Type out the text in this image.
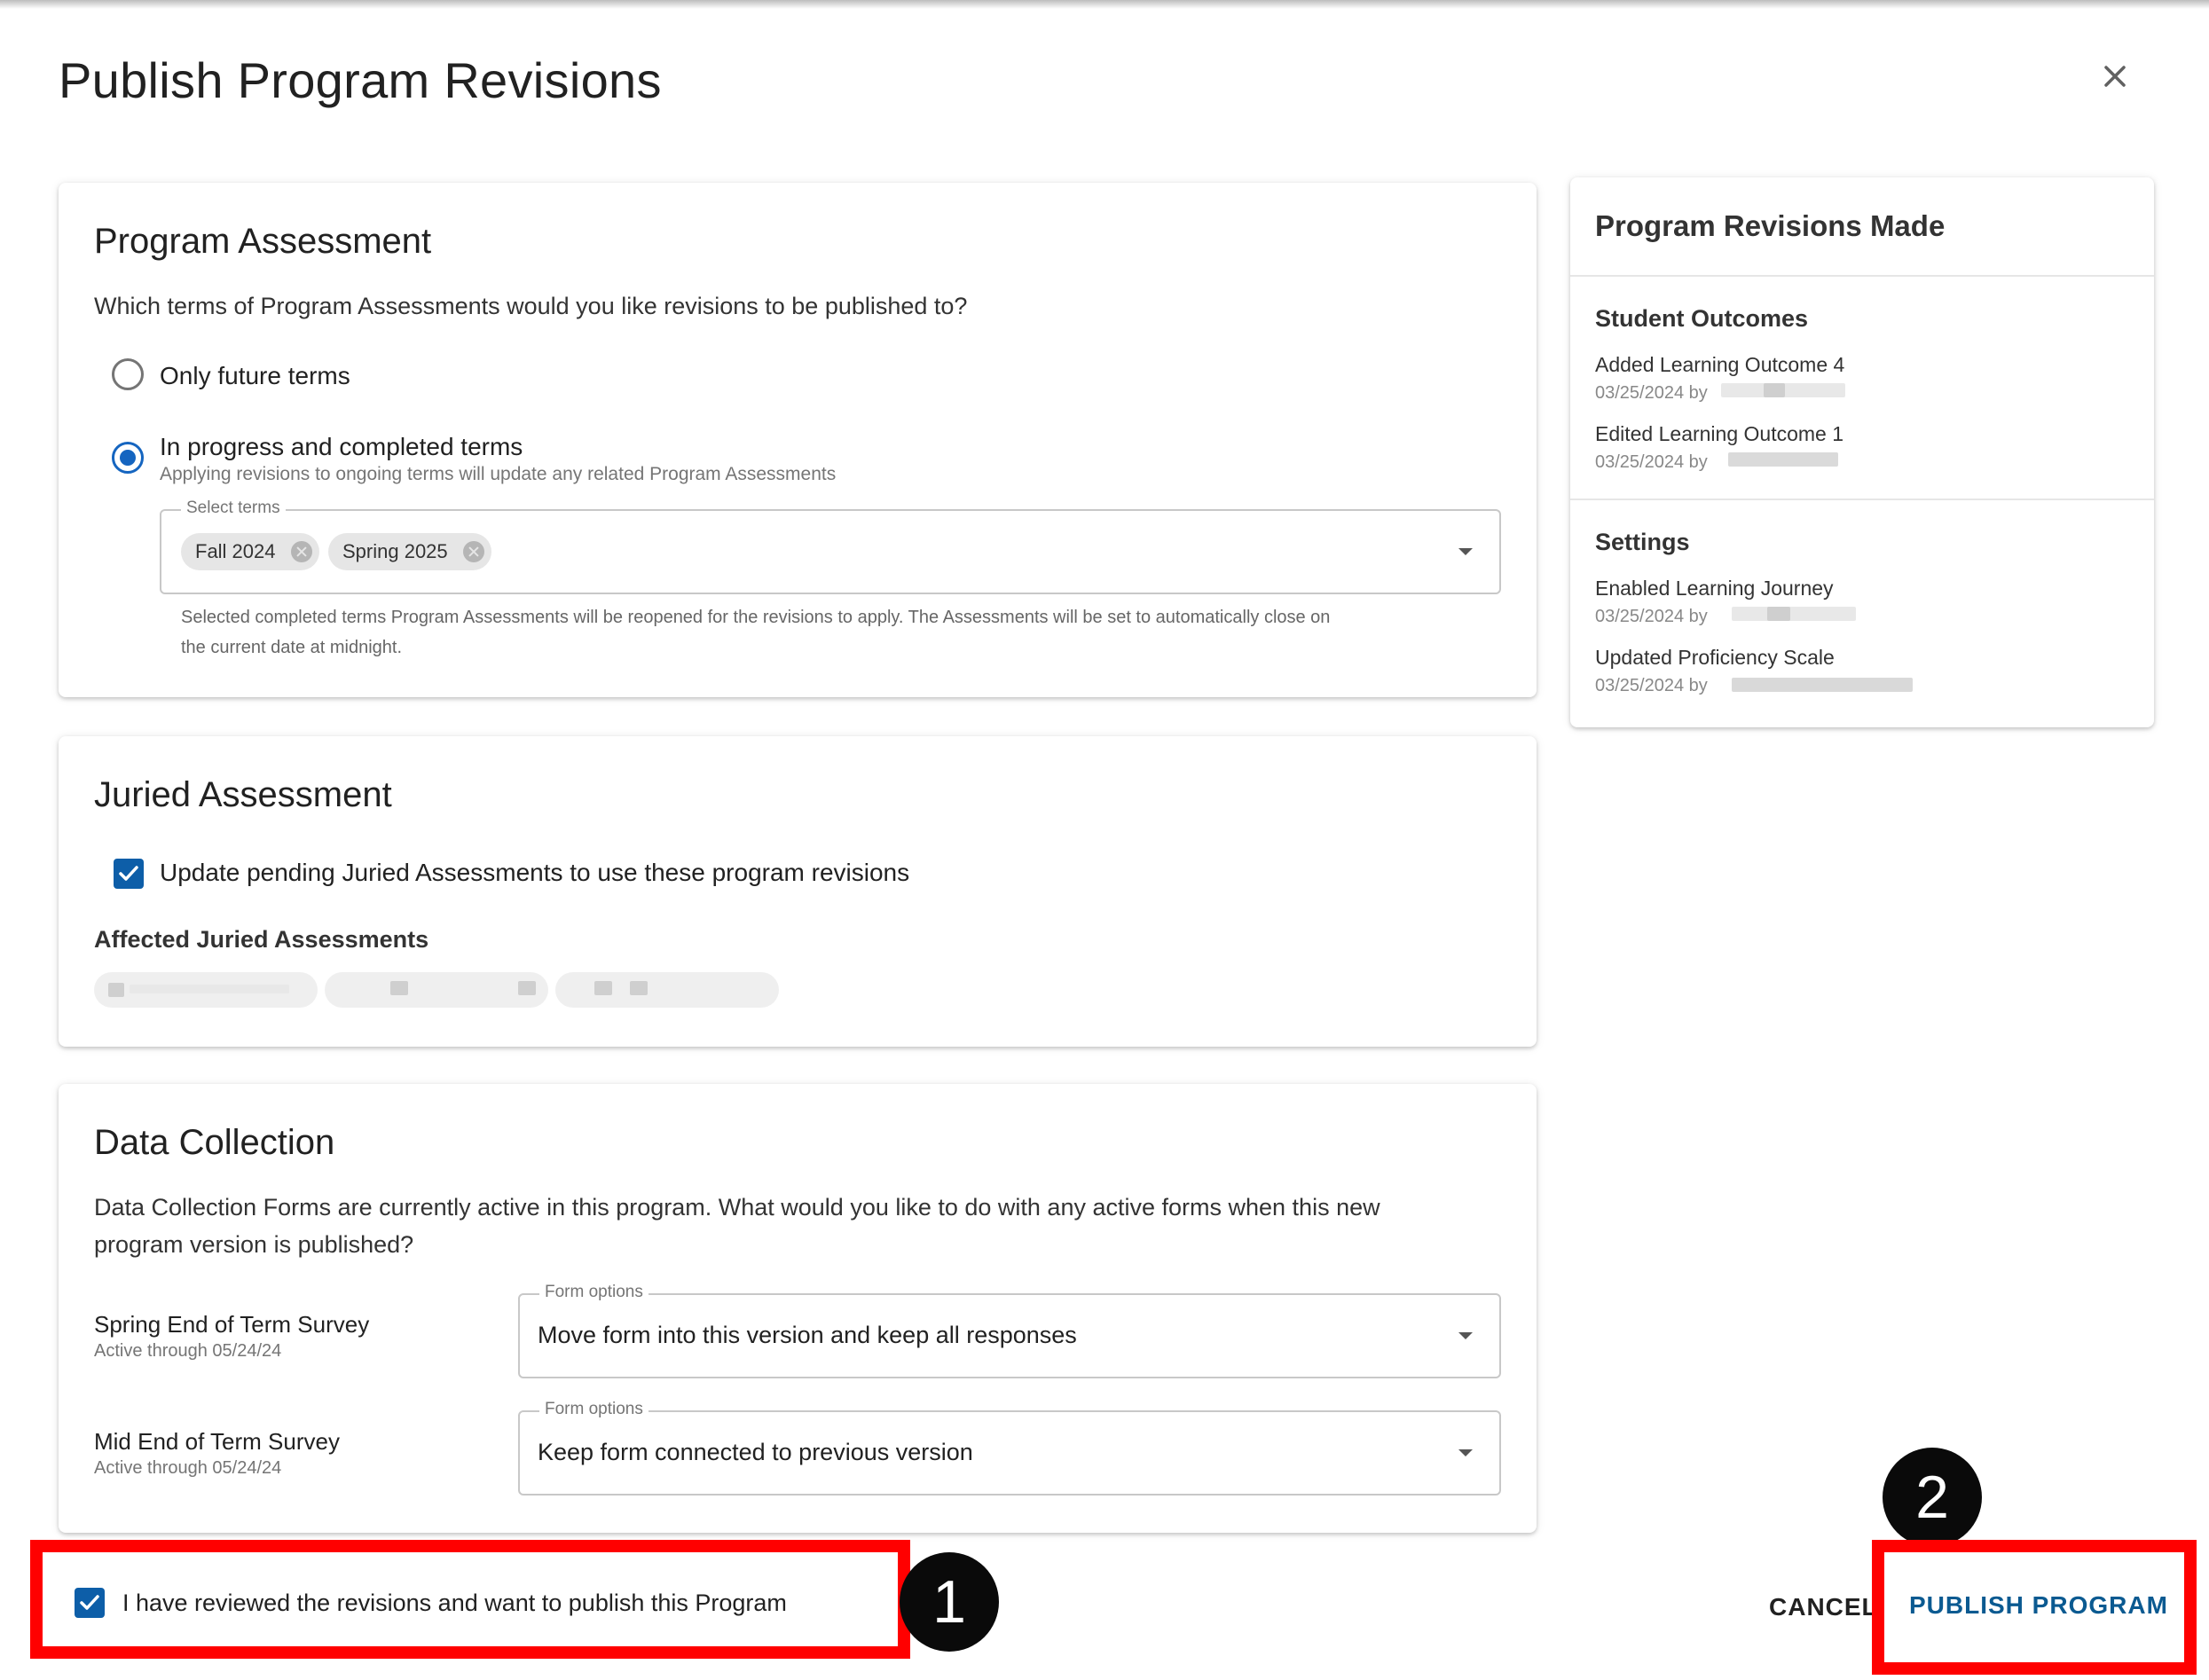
Publish Program Revisions
Program Assessment
Which terms of Program Assessments would you like revisions to be published to?
Only future terms
In progress and completed terms
Applying revisions to ongoing terms will update any related Program Assessments
Select terms
Fall 2024	Spring 2025
Selected completed terms Program Assessments will be reopened for the revisions to apply. The Assessments will be set to automatically close on
the current date at midnight.
Juried Assessment
Update pending Juried Assessments to use these program revisions
Affected Juried Assessments
Data Collection
Data Collection Forms are currently active in this program. What would you like to do with any active forms when this new
program version is published?
Spring End of Term Survey
Active through 05/24/24
Form options
Move form into this version and keep all responses
Mid End of Term Survey
Active through 05/24/24
Form options
Keep form connected to previous version
Program Revisions Made
Student Outcomes
Added Learning Outcome 4
03/25/2024 by
Edited Learning Outcome 1
03/25/2024 by
Settings
Enabled Learning Journey
03/25/2024 by
Updated Proficiency Scale
03/25/2024 by
I have reviewed the revisions and want to publish this Program	1	CANCEL
2
PUBLISH PROGRAM
